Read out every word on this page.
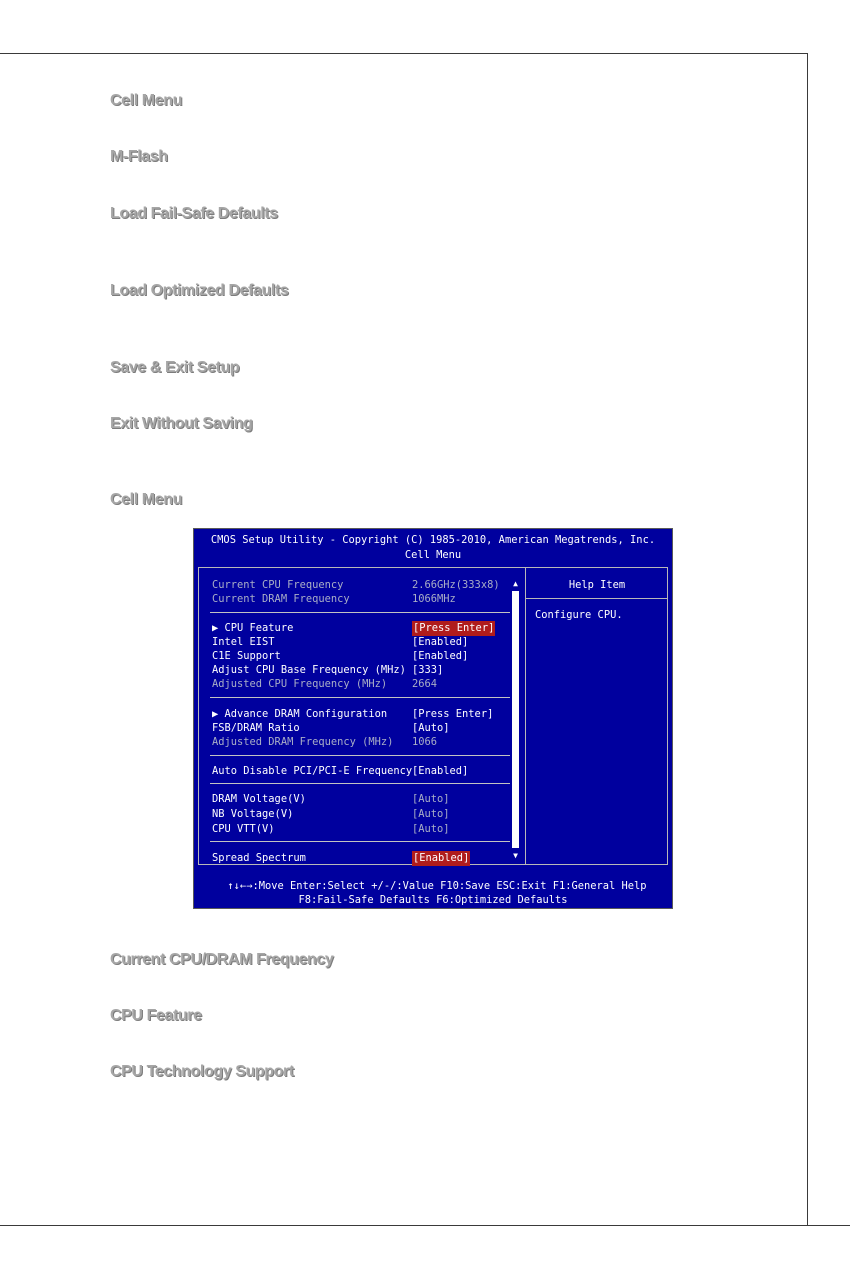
Cell Menu
M-Flash
Load Fail-Safe Defaults
Load Optimized Defaults
Save & Exit Setup
Exit Without Saving
Cell Menu
CMOS Setup Utility - Copyright (C) 1985-2010, American Megatrends, Inc.
Cell Menu
Current CPU Frequency	2.66GHz(333x8)
Current DRAM Frequency	1066MHz
▶ CPU Feature	[Press Enter]
Intel EIST	[Enabled]
C1E Support	[Enabled]
Adjust CPU Base Frequency (MHz) [333]
Adjusted CPU Frequency (MHz) 2664
▶ Advance DRAM Configuration [Press Enter]
FSB/DRAM Ratio	[Auto]
Adjusted DRAM Frequency (MHz) 1066
Auto Disable PCI/PCI-E Frequency [Enabled]
DRAM Voltage(V)	[Auto]
NB Voltage(V)	[Auto]
CPU VTT(V)	[Auto]
Spread Spectrum	[Enabled]
▲
▼
Help Item
Configure CPU.
↑↓←→:Move Enter:Select +/-/:Value F10:Save ESC:Exit F1:General Help
F8:Fail-Safe Defaults F6:Optimized Defaults
Current CPU/DRAM Frequency
CPU Feature
CPU Technology Support
